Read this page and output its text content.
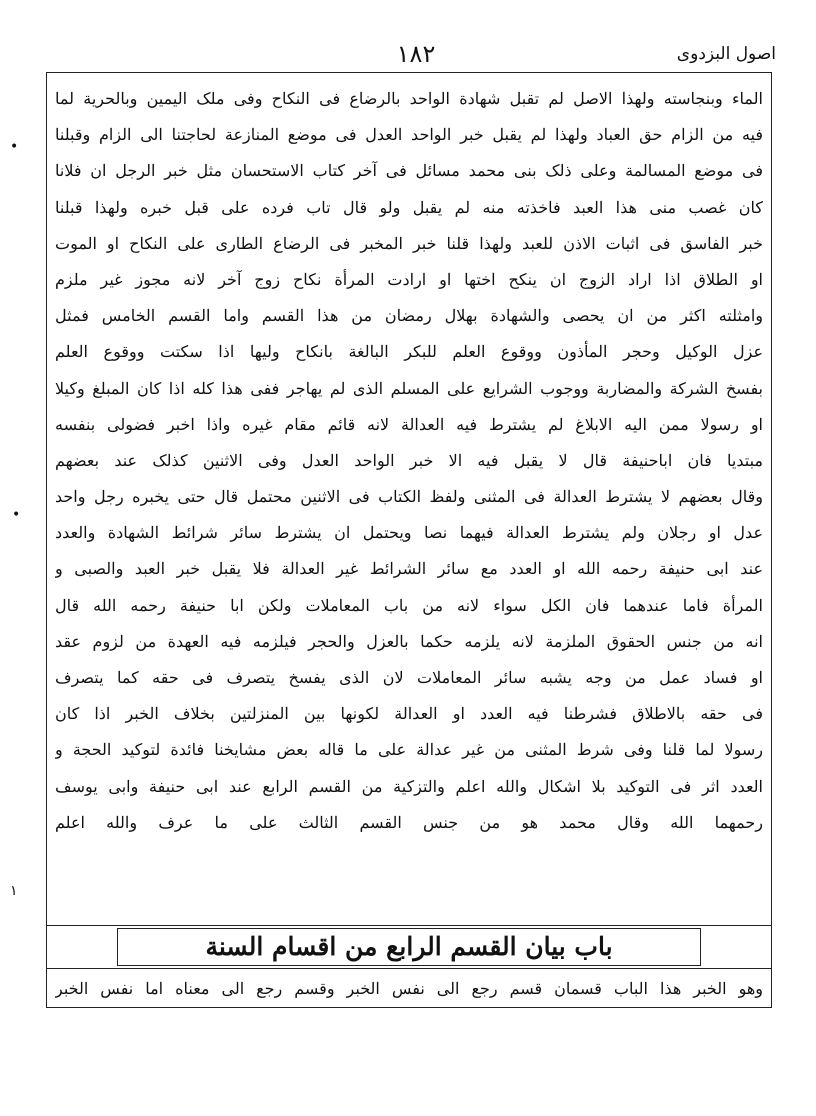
اصول البزدوی
۱۸۲
•
•
۱
الماء وبنجاسته ولهذا الاصل لم تقبل شهادة الواحد بالرضاع فی النکاح وفی ملک الیمین وبالحریة لما
فیه من الزام حق العباد ولهذا لم یقبل خبر الواحد العدل فی موضع المنازعة لحاجتنا الی الزام وقبلنا
فی موضع المسالمة وعلی ذلک بنی محمد مسائل فی آخر کتاب الاستحسان مثل خبر الرجل ان فلانا
کان غصب منی هذا العبد فاخذته منه لم یقبل ولو قال تاب فرده علی قبل خبره ولهذا قبلنا
خبر الفاسق فی اثبات الاذن للعبد ولهذا قلنا خبر المخبر فی الرضاع الطاری علی النکاح او الموت
او الطلاق اذا اراد الزوج ان ینکح اختها او ارادت المرأة نکاح زوج آخر لانه مجوز غیر ملزم
وامثلته اکثر من ان یحصی والشهادة بهلال رمضان من هذا القسم واما القسم الخامس فمثل
عزل الوکیل وحجر المأذون ووقوع العلم للبکر البالغة بانکاح ولیها اذا سکتت ووقوع العلم
بفسخ الشرکة والمضاربة ووجوب الشرایع علی المسلم الذی لم یهاجر ففی هذا کله اذا کان المبلغ وکیلا
او رسولا ممن الیه الابلاغ لم یشترط فیه العدالة لانه قائم مقام غیره واذا اخبر فضولی بنفسه
مبتدیا فان اباحنیفة قال لا یقبل فیه الا خبر الواحد العدل وفی الاثنین کذلک عند بعضهم
وقال بعضهم لا یشترط العدالة فی المثنی ولفظ الکتاب فی الاثنین محتمل قال حتی یخبره رجل واحد
عدل او رجلان ولم یشترط العدالة فیهما نصا ویحتمل ان یشترط سائر شرائط الشهادة والعدد
عند ابی حنیفة رحمه الله او العدد مع سائر الشرائط غیر العدالة فلا یقبل خبر العبد والصبی و
المرأة فاما عندهما فان الکل سواء لانه من باب المعاملات ولکن ابا حنیفة رحمه الله قال
انه من جنس الحقوق الملزمة لانه یلزمه حکما بالعزل والحجر فیلزمه فیه العهدة من لزوم عقد
او فساد عمل من وجه یشبه سائر المعاملات لان الذی یفسخ یتصرف فی حقه کما یتصرف
فی حقه بالاطلاق فشرطنا فیه العدد او العدالة لکونها بین المنزلتین بخلاف الخبر اذا کان
رسولا لما قلنا وفی شرط المثنی من غیر عدالة علی ما قاله بعض مشایخنا فائدة لتوکید الحجة و
العدد اثر فی التوکید بلا اشکال والله اعلم والتزکیة من القسم الرابع عند ابی حنیفة وابی یوسف
رحمهما الله وقال محمد هو من جنس القسم الثالث علی ما عرف والله اعلم
باب بیان القسم الرابع من اقسام السنة
وهو الخبر هذا الباب قسمان قسم رجع الی نفس الخبر وقسم رجع الی معناه اما نفس الخبر
